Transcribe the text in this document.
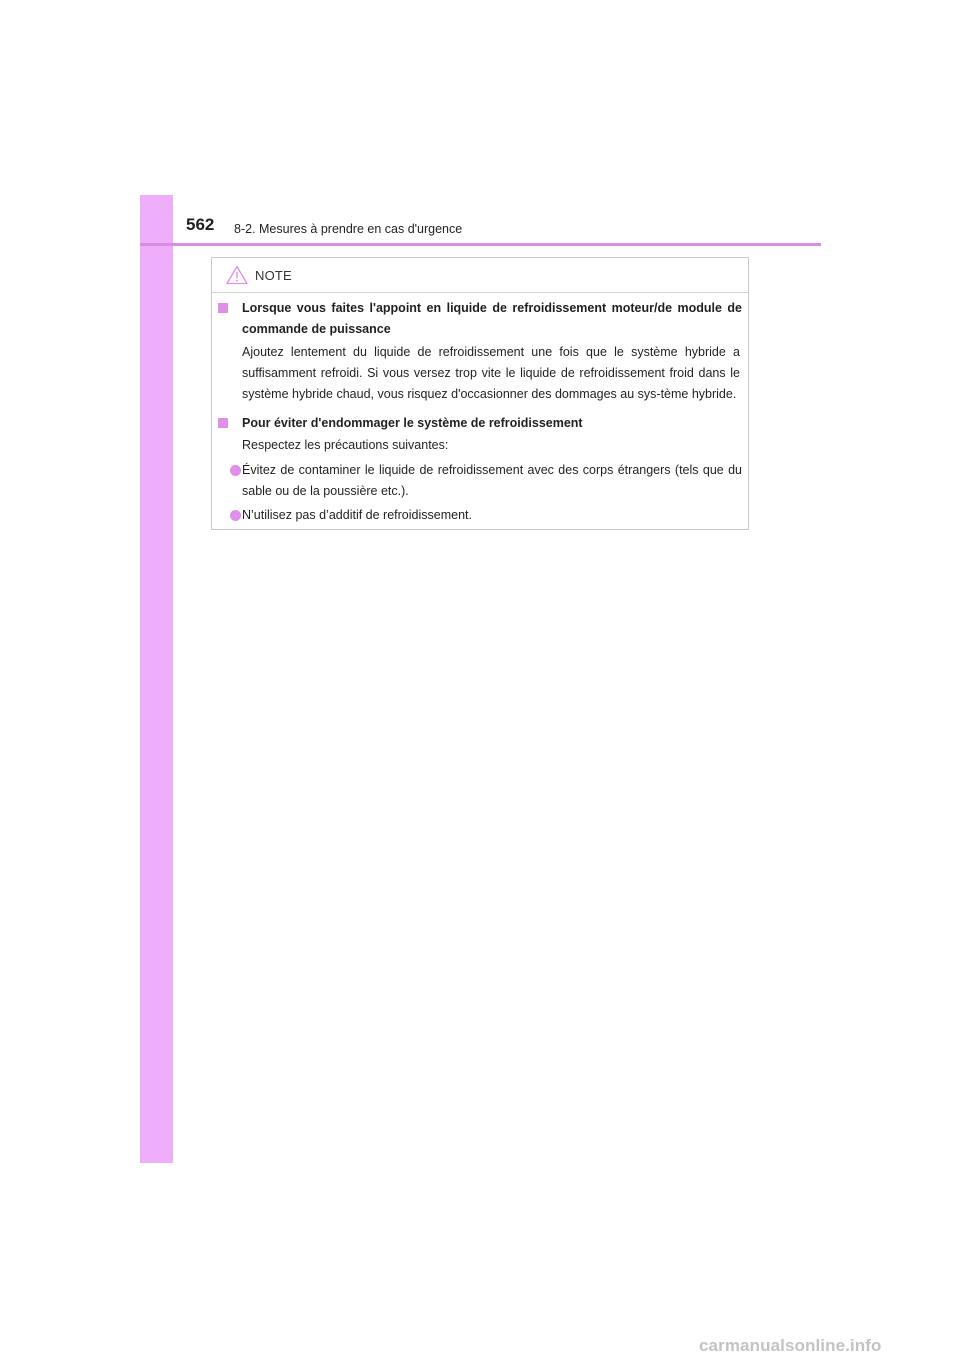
562 8-2. Mesures à prendre en cas d'urgence
NOTE
Lorsque vous faites l'appoint en liquide de refroidissement moteur/de module de commande de puissance
Ajoutez lentement du liquide de refroidissement une fois que le système hybride a suffisamment refroidi. Si vous versez trop vite le liquide de refroidissement froid dans le système hybride chaud, vous risquez d'occasionner des dommages au sys-tème hybride.
Pour éviter d'endommager le système de refroidissement
Respectez les précautions suivantes:
Évitez de contaminer le liquide de refroidissement avec des corps étrangers (tels que du sable ou de la poussière etc.).
N’utilisez pas d’additif de refroidissement.
carmanualsonline.info
